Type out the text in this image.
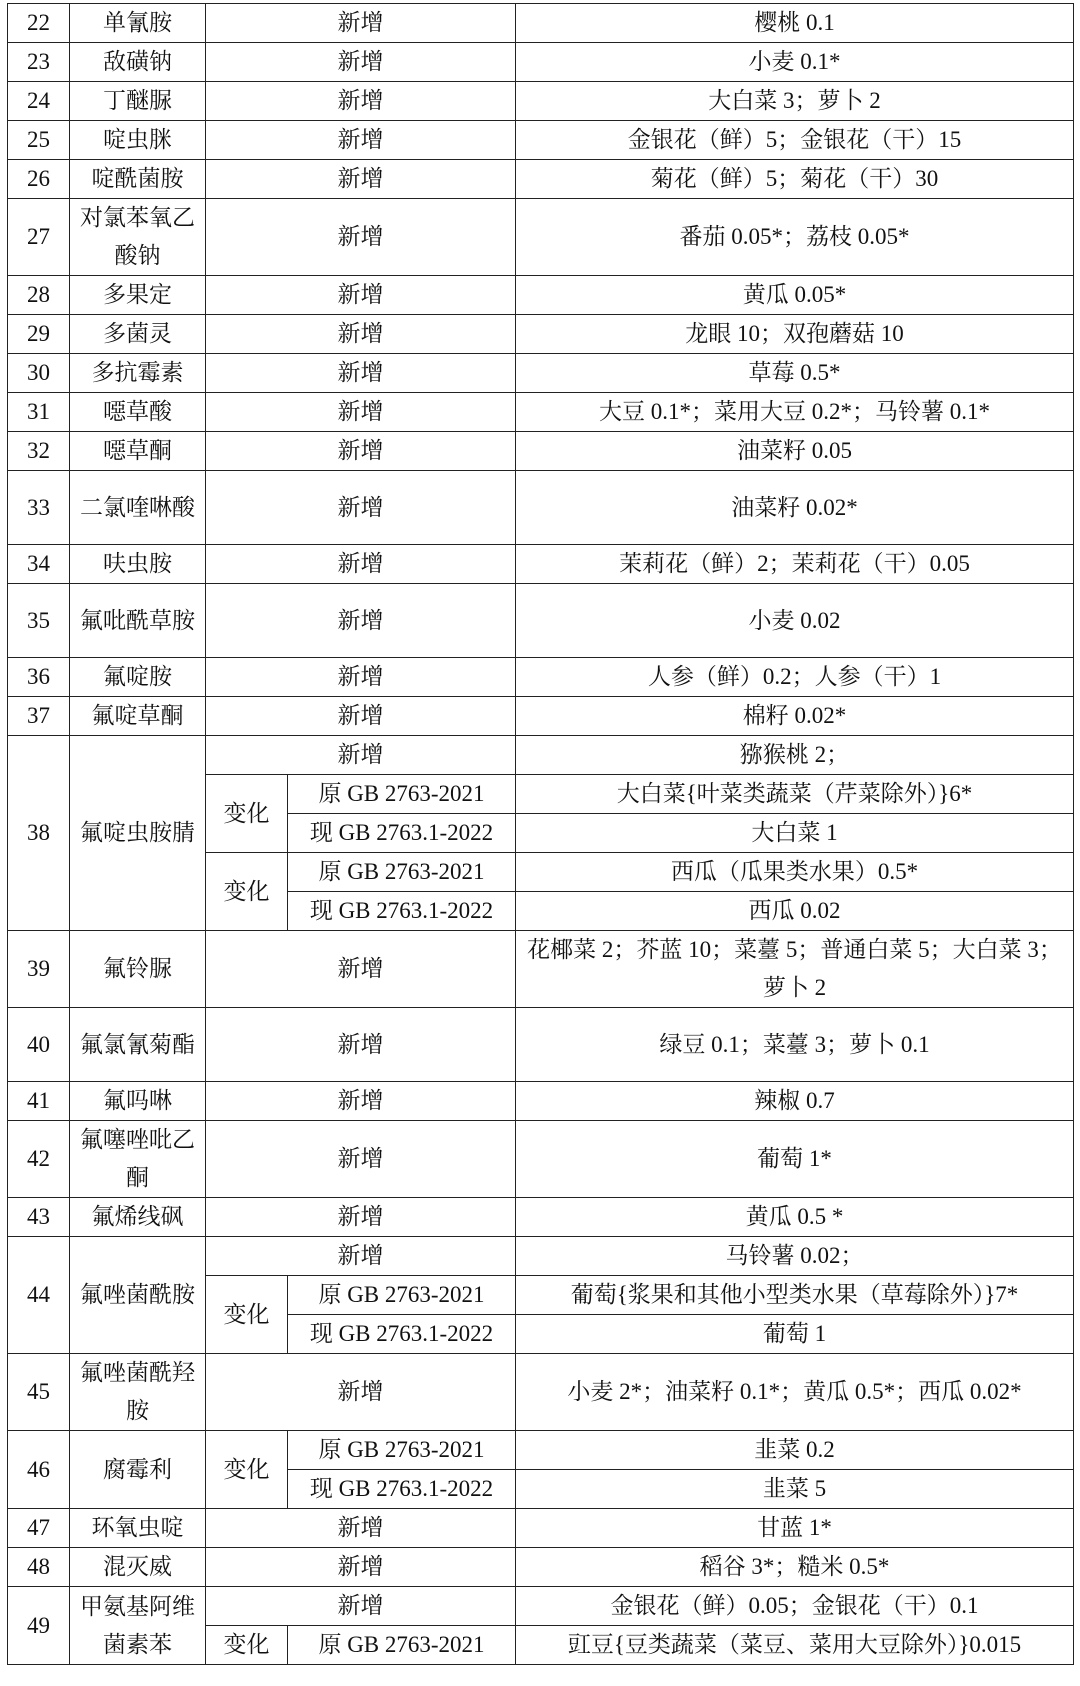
22	单氰胺	新增		樱桃 0.1
23	敌磺钠	新增		小麦 0.1*
24	丁醚脲	新增		大白菜 3；萝卜 2
25	啶虫脒	新增		金银花（鲜）5；金银花（干）15
26	啶酰菌胺	新增		菊花（鲜）5；菊花（干）30
27	对氯苯氧乙酸钠	新增		番茄 0.05*；荔枝 0.05*
28	多果定	新增		黄瓜 0.05*
29	多菌灵	新增		龙眼 10；双孢蘑菇 10
30	多抗霉素	新增		草莓 0.5*
31	噁草酸	新增		大豆 0.1*；菜用大豆 0.2*；马铃薯 0.1*
32	噁草酮	新增		油菜籽 0.05
33	二氯喹啉酸	新增		油菜籽 0.02*
34	呋虫胺	新增		茉莉花（鲜）2；茉莉花（干）0.05
35	氟吡酰草胺	新增		小麦 0.02
36	氟啶胺	新增		人参（鲜）0.2；人参（干）1
37	氟啶草酮	新增		棉籽 0.02*
38	氟啶虫胺腈	新增		猕猴桃 2；
		变化	原 GB 2763-2021	大白菜{叶菜类蔬菜（芹菜除外）}6*
			现 GB 2763.1-2022	大白菜 1
		变化	原 GB 2763-2021	西瓜（瓜果类水果）0.5*
			现 GB 2763.1-2022	西瓜 0.02
39	氟铃脲	新增		花椰菜 2；芥蓝 10；菜薹 5；普通白菜 5；大白菜 3；萝卜 2
40	氟氯氰菊酯	新增		绿豆 0.1；菜薹 3；萝卜 0.1
41	氟吗啉	新增		辣椒 0.7
42	氟噻唑吡乙酮	新增		葡萄 1*
43	氟烯线砜	新增		黄瓜 0.5 *
44	氟唑菌酰胺	新增		马铃薯 0.02；
		变化	原 GB 2763-2021	葡萄{浆果和其他小型类水果（草莓除外）}7*
			现 GB 2763.1-2022	葡萄 1
45	氟唑菌酰羟胺	新增		小麦 2*；油菜籽 0.1*；黄瓜 0.5*；西瓜 0.02*
46	腐霉利	变化	原 GB 2763-2021	韭菜 0.2
			现 GB 2763.1-2022	韭菜 5
47	环氧虫啶	新增		甘蓝 1*
48	混灭威	新增		稻谷 3*；糙米 0.5*
49	甲氨基阿维菌素苯	新增		金银花（鲜）0.05；金银花（干）0.1
		变化	原 GB 2763-2021	豇豆{豆类蔬菜（菜豆、菜用大豆除外）}0.015
